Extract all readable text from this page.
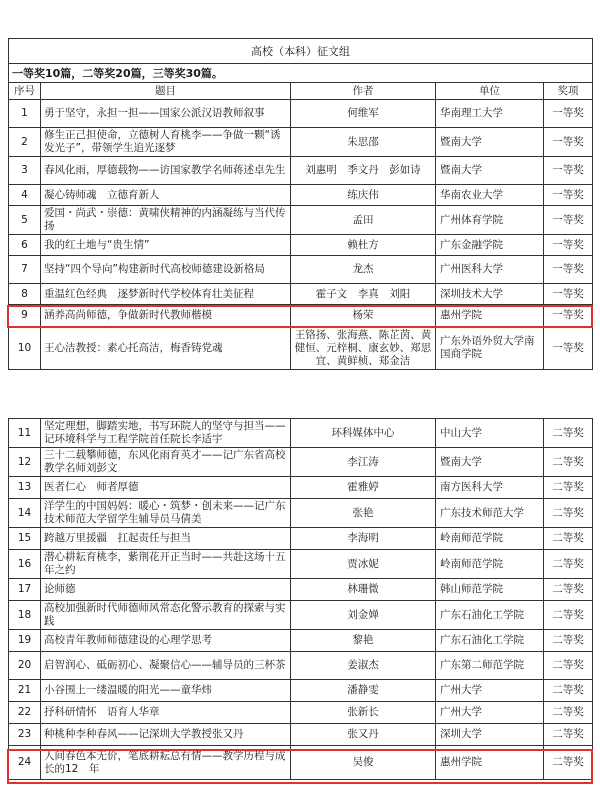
高校（本科）征文组				
一等奖10篇，二等奖20篇，三等奖30篇。				
序号	题目	作者	单位	奖项
1	勇于坚守，永担一担——国家公派汉语教师叙事	何维军	华南理工大学	一等奖
2	修生正己担使命，立德树人育桃李——争做一颗“诱发光子”，带领学生追光逐梦	朱思邵	暨南大学	一等奖
3	春风化雨，厚德载物——访国家教学名师蒋述卓先生	刘惠明　季文丹　彭如诗	暨南大学	一等奖
4	凝心铸师魂　立德育新人	练庆伟	华南农业大学	一等奖
5	爱国・尚武・崇德：黄啸侠精神的内涵凝练与当代传扬	孟田	广州体育学院	一等奖
6	我的红土地与“贵生情”	赖杜方	广东金融学院	一等奖
7	坚持“四个导向”构建新时代高校师德建设新格局	龙杰	广州医科大学	一等奖
8	重温红色经典　逐梦新时代学校体育壮美征程	霍子文　李真　刘阳	深圳技术大学	一等奖
9	涵养高尚师德，争做新时代教师楷模	杨荣	惠州学院	一等奖
10	王心洁教授：素心托高洁，梅香铸党魂	王铬扬、张海燕、陈芷茵、黄健恒、元梓桐、康玄妙、郑思宜、黄鲜桢、郑金洁	广东外语外贸大学南国商学院	一等奖
11	坚定理想，脚踏实地，书写环院人的坚守与担当——记环境科学与工程学院首任院长李适宇	环科媒体中心	中山大学	二等奖
12	三十二载攀师德，东风化雨育英才——记广东省高校教学名师刘彭文	李江涛	暨南大学	二等奖
13	医者仁心　师者厚德	霍雅婷	南方医科大学	二等奖
14	洋学生的中国妈妈：暖心・筑梦・创未来——记广东技术师范大学留学生辅导员马倩美	张艳	广东技术师范大学	二等奖
15	跨越万里援疆　扛起责任与担当	李海明	岭南师范学院	二等奖
16	潜心耕耘育桃李，紫荆花开正当时——共赴这场十五年之约	贾冰妮	岭南师范学院	二等奖
17	论师德	林珊微	韩山师范学院	二等奖
18	高校加强新时代师德师风常态化警示教育的探索与实践	刘金婵	广东石油化工学院	二等奖
19	高校青年教师师德建设的心理学思考	黎艳	广东石油化工学院	二等奖
20	启智润心、砥砺初心、凝聚信心——辅导员的三杯茶	姜淑杰	广东第二师范学院	二等奖
21	小谷围上一缕温暖的阳光——童华炜	潘静雯	广州大学	二等奖
22	抒科研情怀　语育人华章	张新长	广州大学	二等奖
23	种桃种李种春风——记深圳大学教授张又丹	张又丹	深圳大学	二等奖
24	人间春色本无价，笔底耕耘总有情——教学历程与成长的12　年	吴俊	惠州学院	二等奖
